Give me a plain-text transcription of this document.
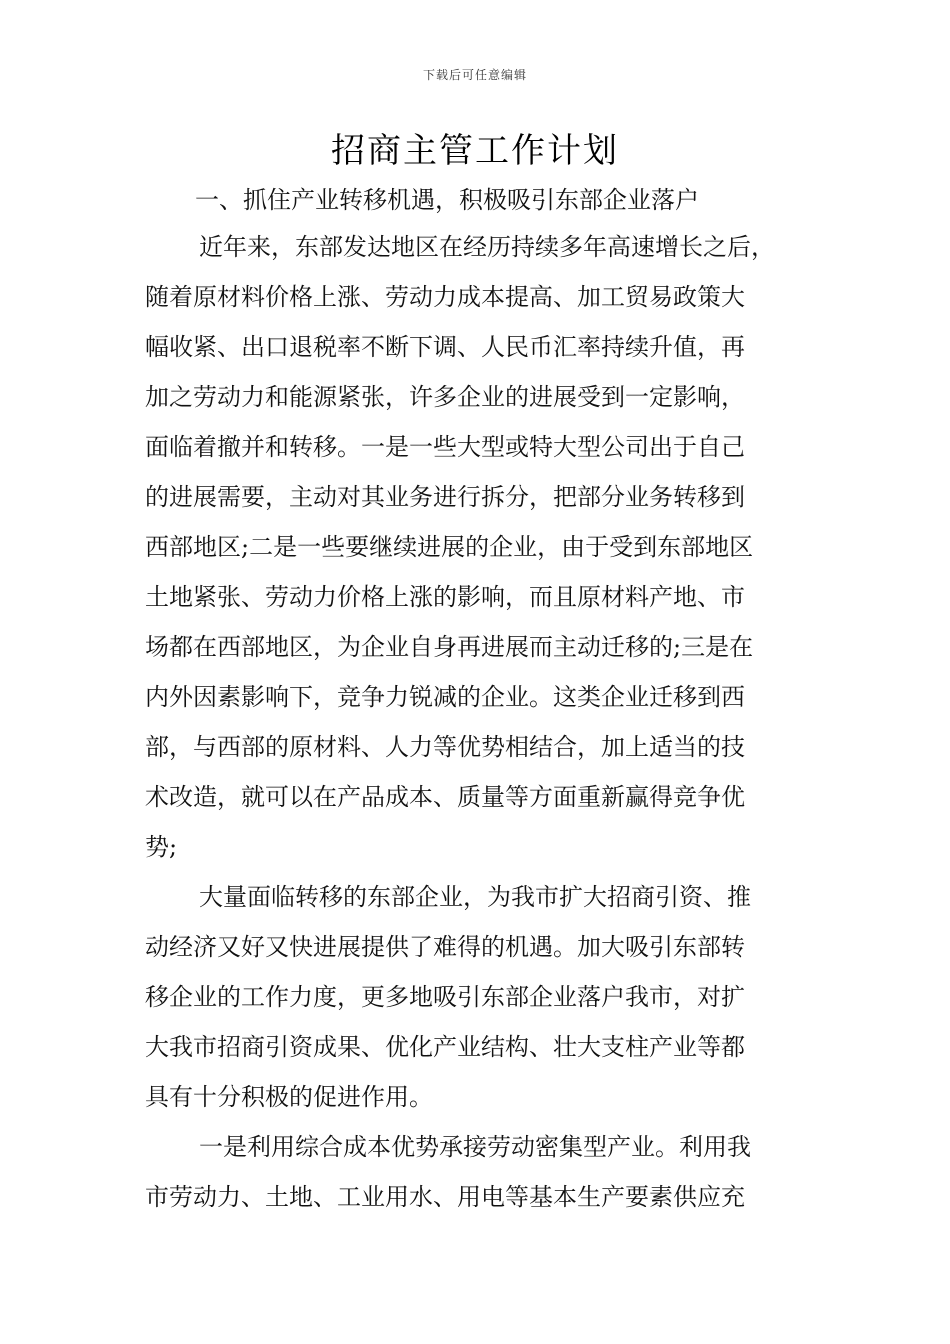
下载后可任意编辑
招商主管工作计划
一、抓住产业转移机遇，积极吸引东部企业落户
近年来，东部发达地区在经历持续多年高速增长之后，
随着原材料价格上涨、劳动力成本提高、加工贸易政策大
幅收紧、出口退税率不断下调、人民币汇率持续升值，再
加之劳动力和能源紧张，许多企业的进展受到一定影响，
面临着撤并和转移。一是一些大型或特大型公司出于自己
的进展需要，主动对其业务进行拆分，把部分业务转移到
西部地区;二是一些要继续进展的企业，由于受到东部地区
土地紧张、劳动力价格上涨的影响，而且原材料产地、市
场都在西部地区，为企业自身再进展而主动迁移的;三是在
内外因素影响下，竞争力锐减的企业。这类企业迁移到西
部，与西部的原材料、人力等优势相结合，加上适当的技
术改造，就可以在产品成本、质量等方面重新赢得竞争优
势;
大量面临转移的东部企业，为我市扩大招商引资、推
动经济又好又快进展提供了难得的机遇。加大吸引东部转
移企业的工作力度，更多地吸引东部企业落户我市，对扩
大我市招商引资成果、优化产业结构、壮大支柱产业等都
具有十分积极的促进作用。
一是利用综合成本优势承接劳动密集型产业。利用我
市劳动力、土地、工业用水、用电等基本生产要素供应充
